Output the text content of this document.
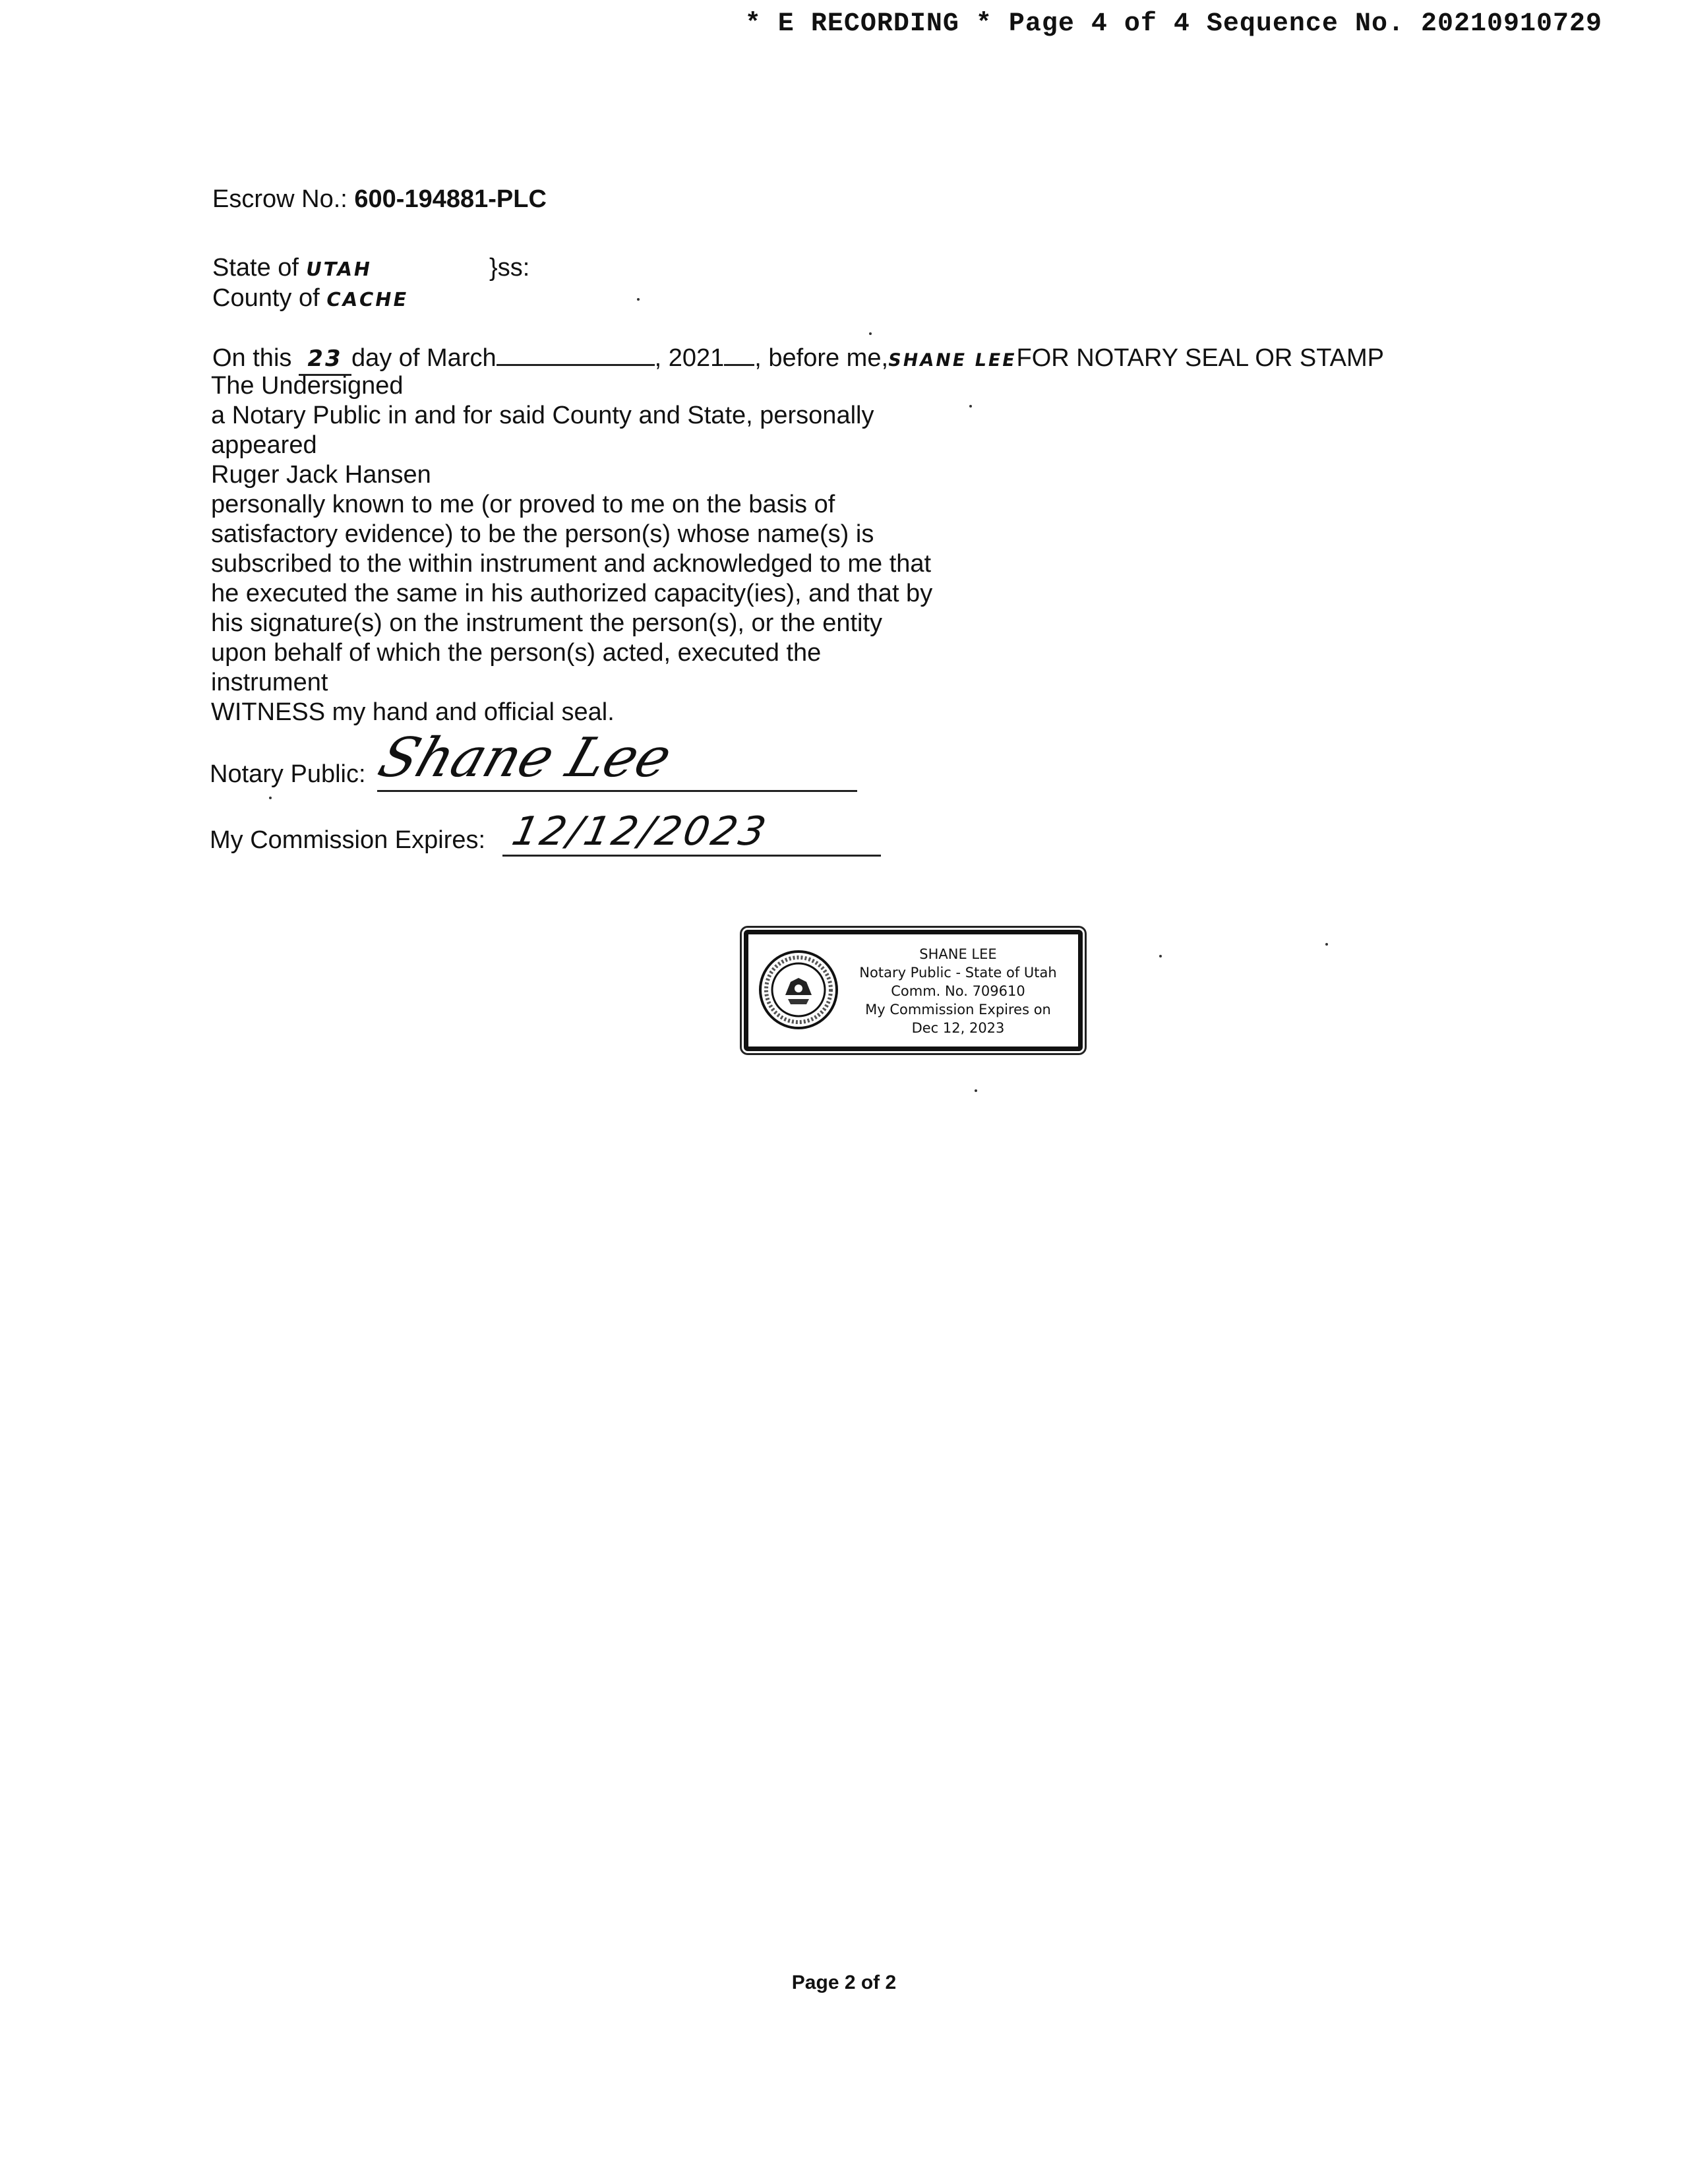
* E RECORDING * Page 4 of 4 Sequence No. 20210910729
Escrow No.: 600-194881-PLC
State of UTAH	}ss:
County of CACHE
On this 23 day of March	, 2021 , before me,SHANE LEEFOR NOTARY SEAL OR STAMP
The Undersigned
a Notary Public in and for said County and State, personally
appeared
Ruger Jack Hansen
personally known to me (or proved to me on the basis of
satisfactory evidence) to be the person(s) whose name(s) is
subscribed to the within instrument and acknowledged to me that
he executed the same in his authorized capacity(ies), and that by
his signature(s) on the instrument the person(s), or the entity
upon behalf of which the person(s) acted, executed the
instrument
WITNESS my hand and official seal.
Notary Public: Shane Lee
My Commission Expires: 12/12/2023
SHANE LEE
Notary Public - State of Utah
Comm. No. 709610
My Commission Expires on
Dec 12, 2023
Page 2 of 2
